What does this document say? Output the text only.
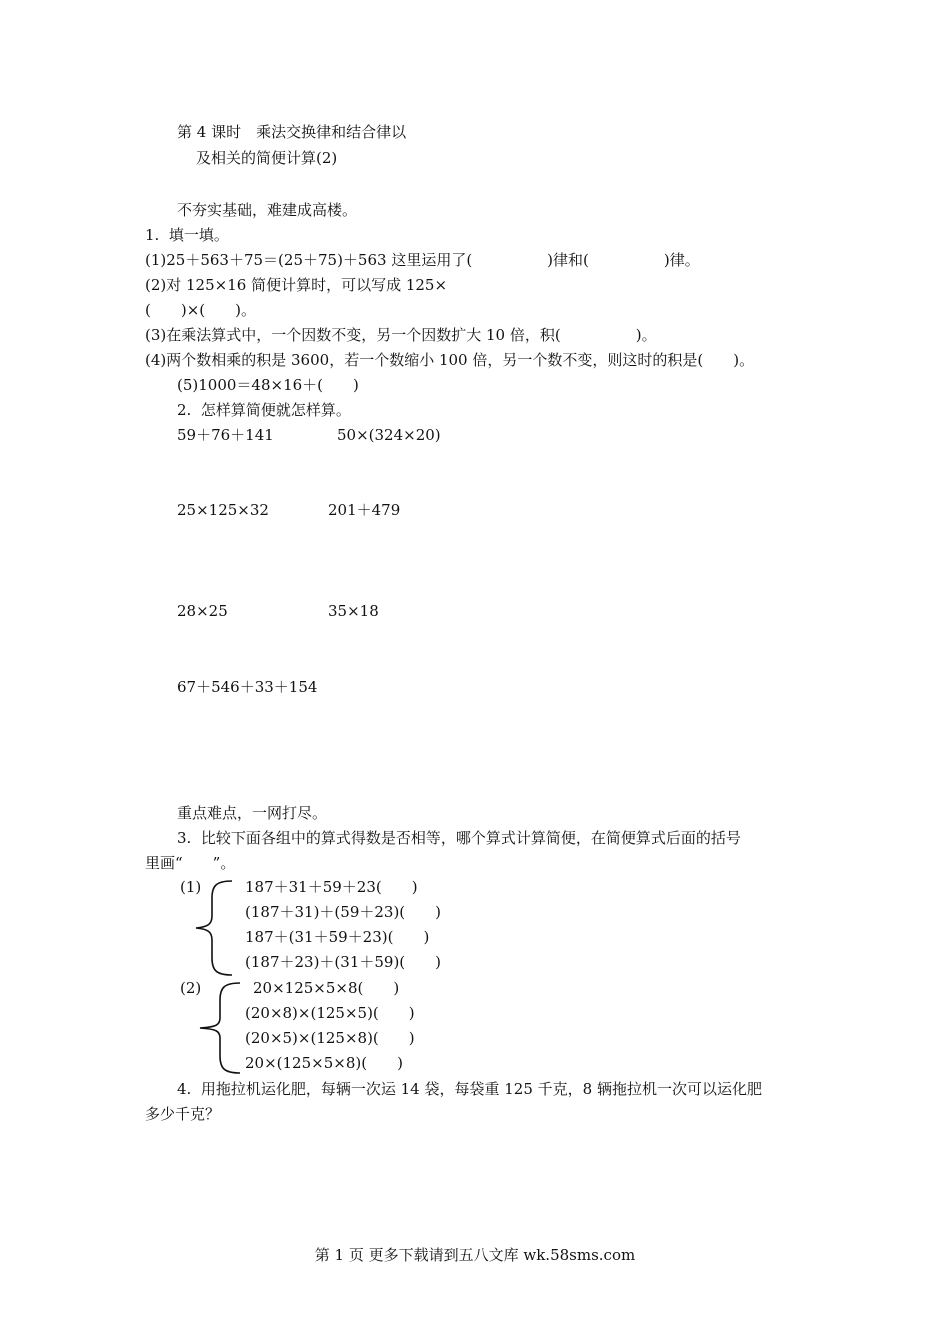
第 4 课时　乘法交换律和结合律以
及相关的简便计算(2)
不夯实基础，难建成高楼。
1.  填一填。
(1)25＋563＋75＝(25＋75)＋563 这里运用了(　　　　　)律和(　　　　　)律。
(2)对 125×16 简便计算时，可以写成 125×
(　　)×(　　)。
(3)在乘法算式中，一个因数不变，另一个因数扩大 10 倍，积(　　　　　)。
(4)两个数相乘的积是 3600，若一个数缩小 100 倍，另一个数不变，则这时的积是(　　)。
(5)1000＝48×16＋(　　)
2.  怎样算简便就怎样算。
59＋76＋141	50×(324×20)
25×125×32	201＋479
28×25	35×18
67＋546＋33＋154
重点难点，一网打尽。
3.  比较下面各组中的算式得数是否相等，哪个算式计算简便，在简便算式后面的括号
里画“　　”。
(1)	187＋31＋59＋23(　　)
(187＋31)＋(59＋23)(　　)
187＋(31＋59＋23)(　　)
(187＋23)＋(31＋59)(　　)
(2)	20×125×5×8(　　)
(20×8)×(125×5)(　　)
(20×5)×(125×8)(　　)
20×(125×5×8)(　　)
4.  用拖拉机运化肥，每辆一次运 14 袋，每袋重 125 千克，8 辆拖拉机一次可以运化肥
多少千克？
第 1 页 更多下载请到五八文库 wk.58sms.com
